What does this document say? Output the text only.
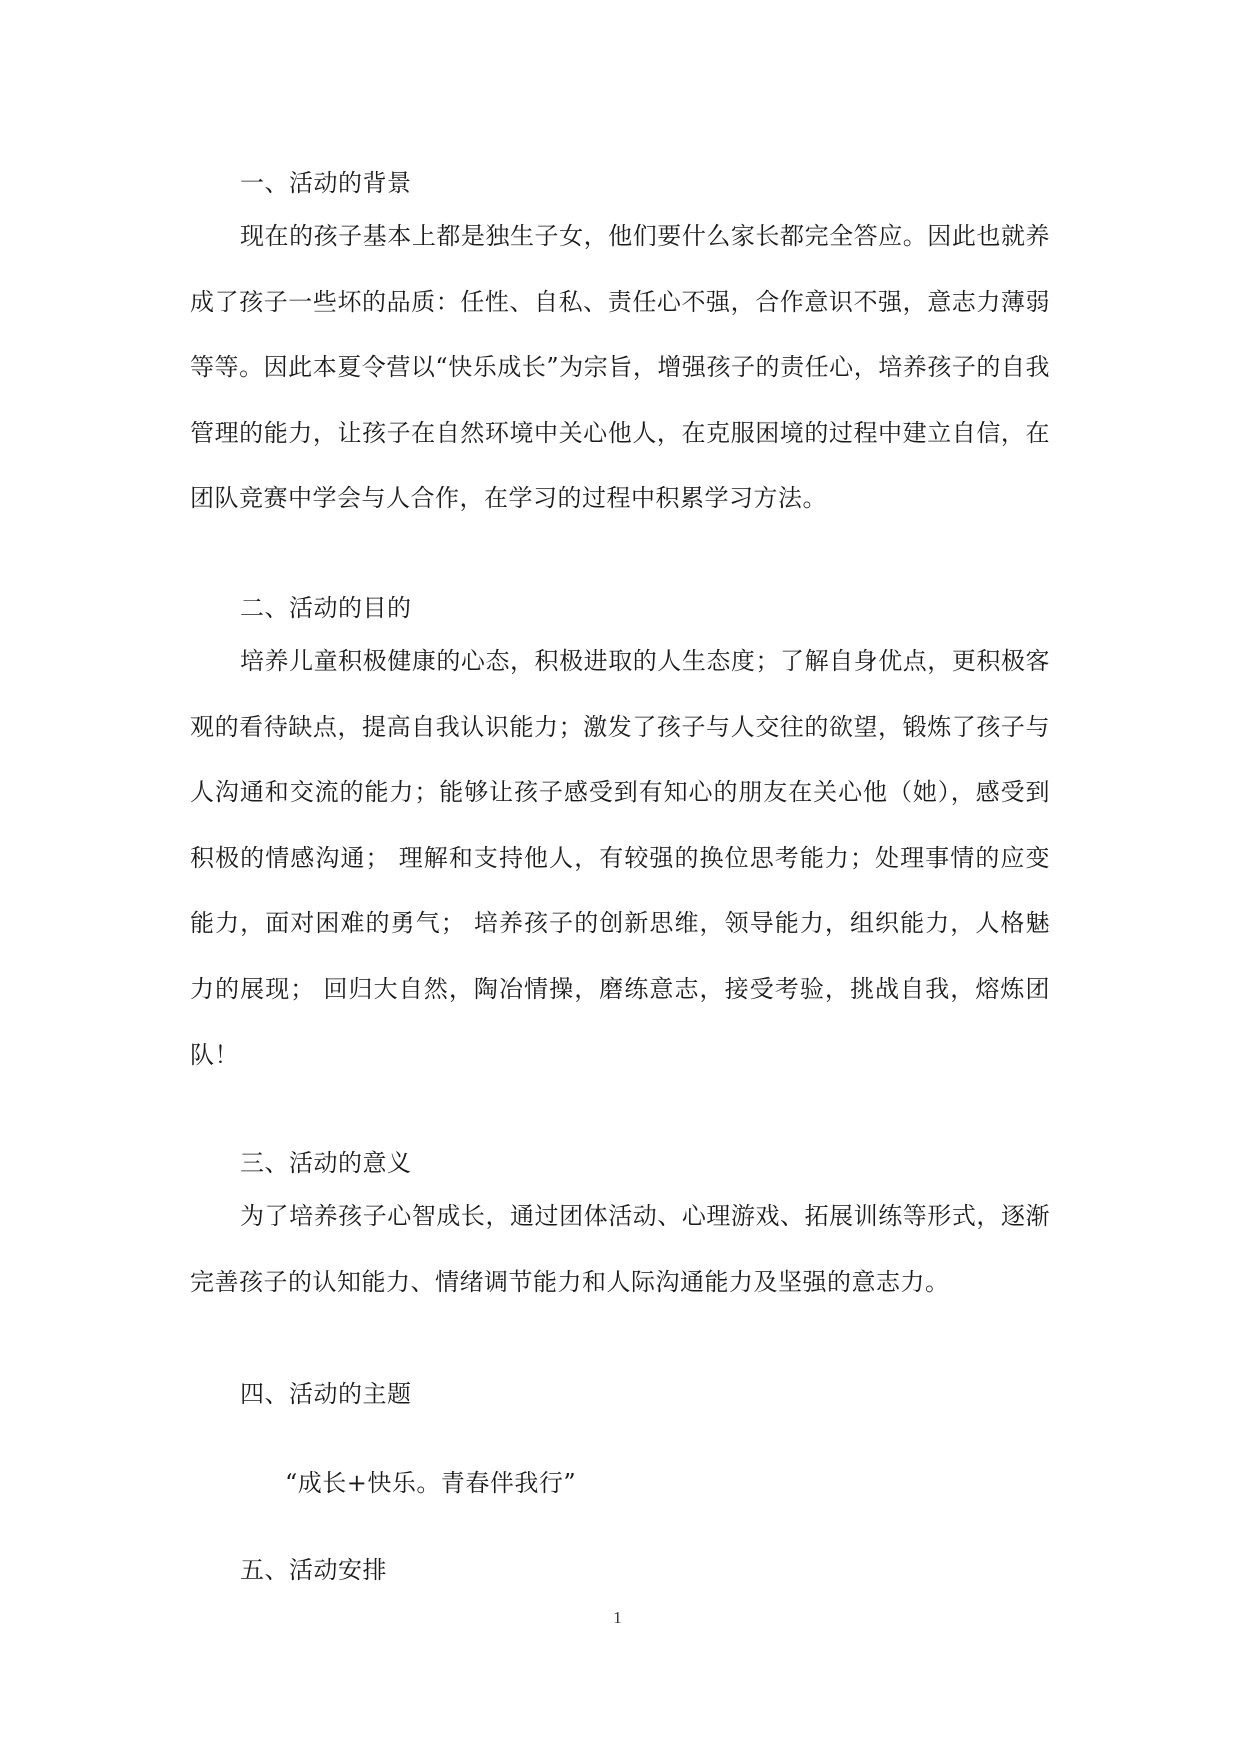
一、活动的背景

现在的孩子基本上都是独生子女，他们要什么家长都完全答应。因此也就养成了孩子一些坏的品质：任性、自私、责任心不强，合作意识不强，意志力薄弱等等。因此本夏令营以“快乐成长”为宗旨，增强孩子的责任心，培养孩子的自我管理的能力，让孩子在自然环境中关心他人，在克服困境的过程中建立自信，在团队竞赛中学会与人合作，在学习的过程中积累学习方法。

二、活动的目的

培养儿童积极健康的心态，积极进取的人生态度；了解自身优点，更积极客观的看待缺点，提高自我认识能力；激发了孩子与人交往的欲望，锻炼了孩子与人沟通和交流的能力；能够让孩子感受到有知心的朋友在关心他（她），感受到积极的情感沟通； 理解和支持他人，有较强的换位思考能力；处理事情的应变能力，面对困难的勇气； 培养孩子的创新思维，领导能力，组织能力，人格魅力的展现； 回归大自然，陶冶情操，磨练意志，接受考验，挑战自我，熔炼团队！

三、活动的意义

为了培养孩子心智成长，通过团体活动、心理游戏、拓展训练等形式，逐渐完善孩子的认知能力、情绪调节能力和人际沟通能力及坚强的意志力。

四、活动的主题

“成长+快乐。青春伴我行”

五、活动安排
1
